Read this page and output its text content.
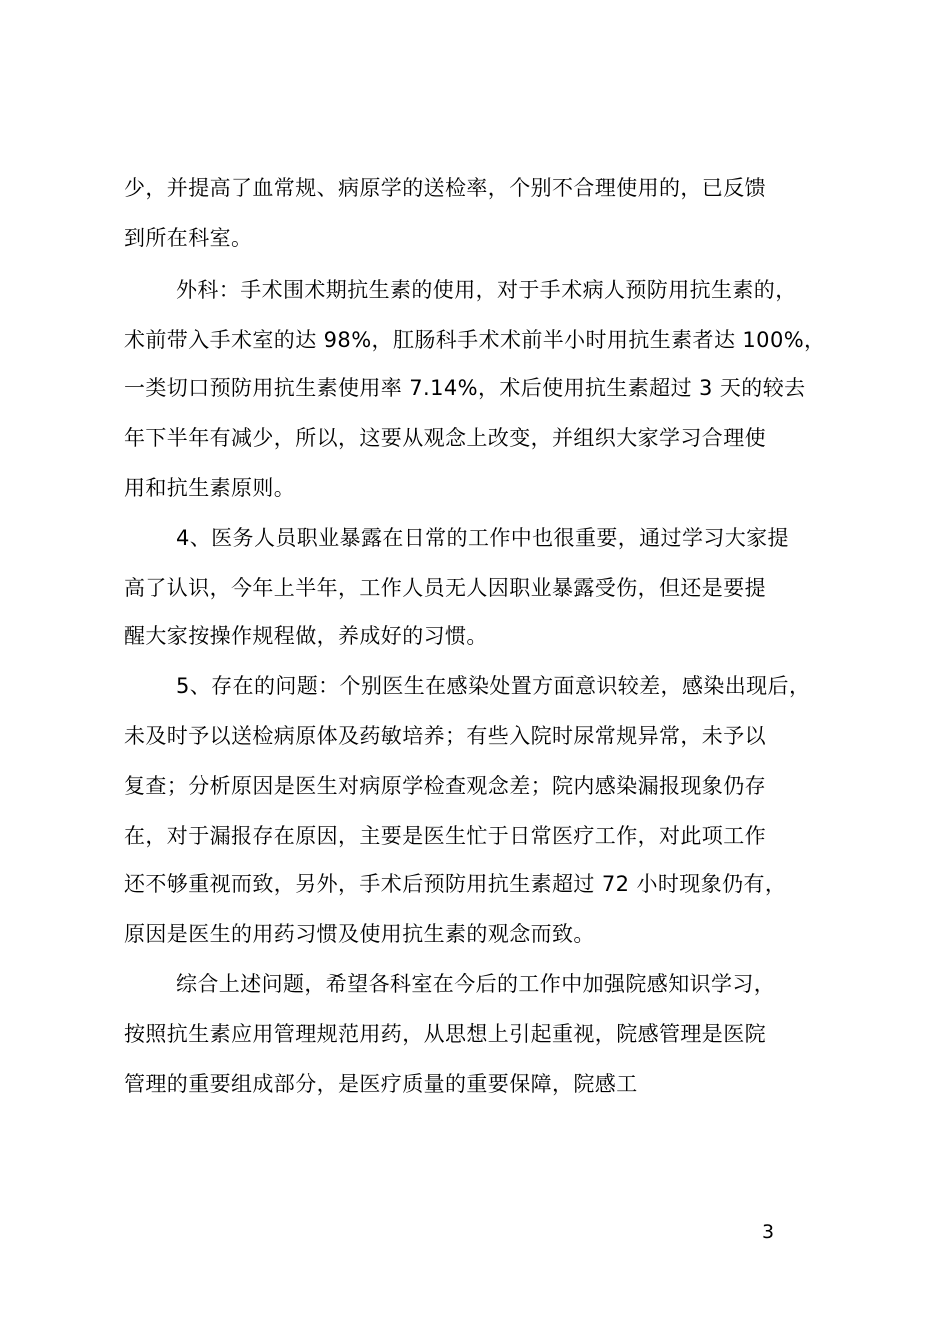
少，并提高了血常规、病原学的送检率，个别不合理使用的，已反馈
到所在科室。
外科：手术围术期抗生素的使用，对于手术病人预防用抗生素的，
术前带入手术室的达 98%，肛肠科手术术前半小时用抗生素者达 100%，
一类切口预防用抗生素使用率 7.14%，术后使用抗生素超过 3 天的较去
年下半年有减少，所以，这要从观念上改变，并组织大家学习合理使
用和抗生素原则。
4、医务人员职业暴露在日常的工作中也很重要，通过学习大家提
高了认识，今年上半年，工作人员无人因职业暴露受伤，但还是要提
醒大家按操作规程做，养成好的习惯。
5、存在的问题：个别医生在感染处置方面意识较差，感染出现后，
未及时予以送检病原体及药敏培养；有些入院时尿常规异常，未予以
复查；分析原因是医生对病原学检查观念差；院内感染漏报现象仍存
在，对于漏报存在原因，主要是医生忙于日常医疗工作，对此项工作
还不够重视而致，另外，手术后预防用抗生素超过 72 小时现象仍有，
原因是医生的用药习惯及使用抗生素的观念而致。
综合上述问题，希望各科室在今后的工作中加强院感知识学习，
按照抗生素应用管理规范用药，从思想上引起重视，院感管理是医院
管理的重要组成部分，是医疗质量的重要保障，院感工
3
